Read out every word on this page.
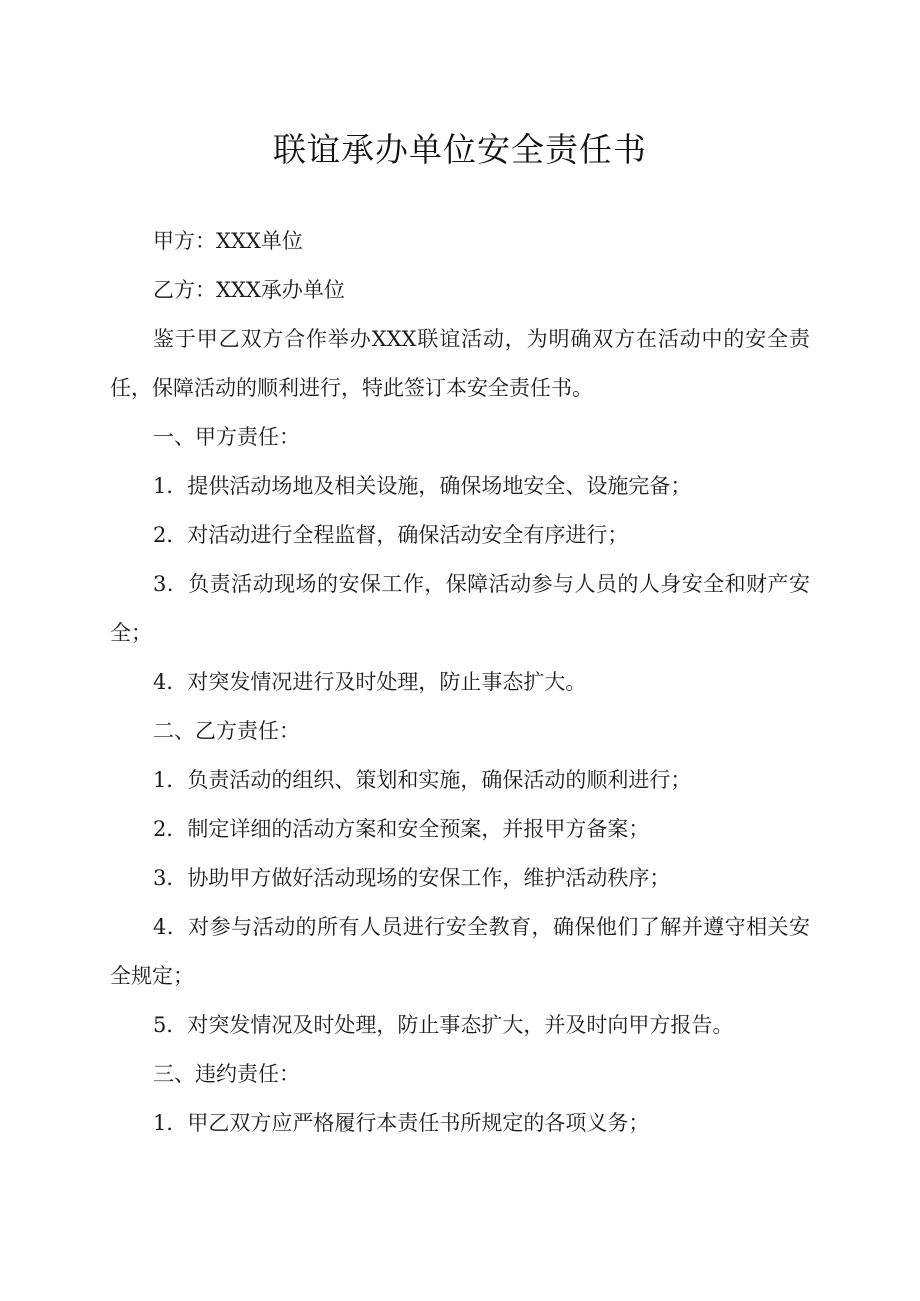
联谊承办单位安全责任书

甲方：XXX单位

乙方：XXX承办单位

鉴于甲乙双方合作举办XXX联谊活动，为明确双方在活动中的安全责任，保障活动的顺利进行，特此签订本安全责任书。

一、甲方责任：

1．提供活动场地及相关设施，确保场地安全、设施完备；

2．对活动进行全程监督，确保活动安全有序进行；

3．负责活动现场的安保工作，保障活动参与人员的人身安全和财产安全；

4．对突发情况进行及时处理，防止事态扩大。

二、乙方责任：

1．负责活动的组织、策划和实施，确保活动的顺利进行；

2．制定详细的活动方案和安全预案，并报甲方备案；

3．协助甲方做好活动现场的安保工作，维护活动秩序；

4．对参与活动的所有人员进行安全教育，确保他们了解并遵守相关安全规定；

5．对突发情况及时处理，防止事态扩大，并及时向甲方报告。

三、违约责任：

1．甲乙双方应严格履行本责任书所规定的各项义务；
